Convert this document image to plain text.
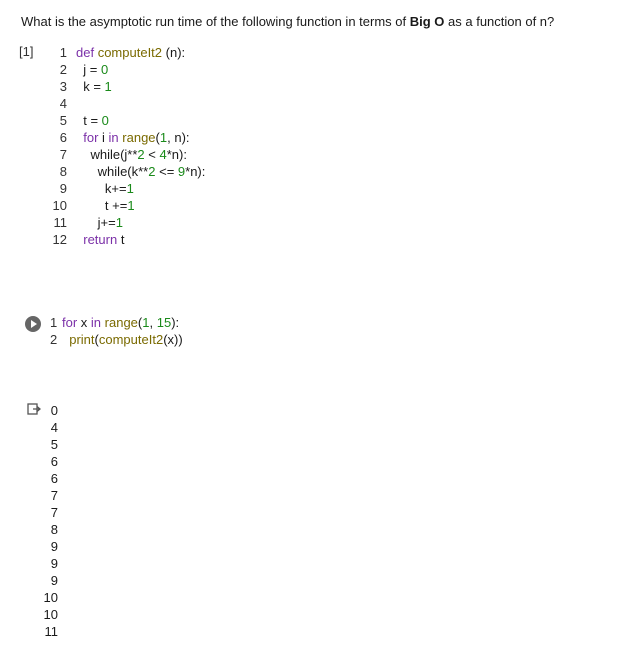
What is the asymptotic run time of the following function in terms of Big O as a function of n?
[1]	1 def computeIt2 (n):
2 j = 0
3 k = 1
4
5 t = 0
6	for i in range(1, n):
7 while(j**2 < 4*n):
8 while(k**2 <= 9*n):
9 k+=1
10 t +=1
11 j+=1
12	return t
1 for x in range(1, 15):
2 print(computeIt2(x))
0
4
5
6
6
7
7
8
9
9
9
10
10
11
